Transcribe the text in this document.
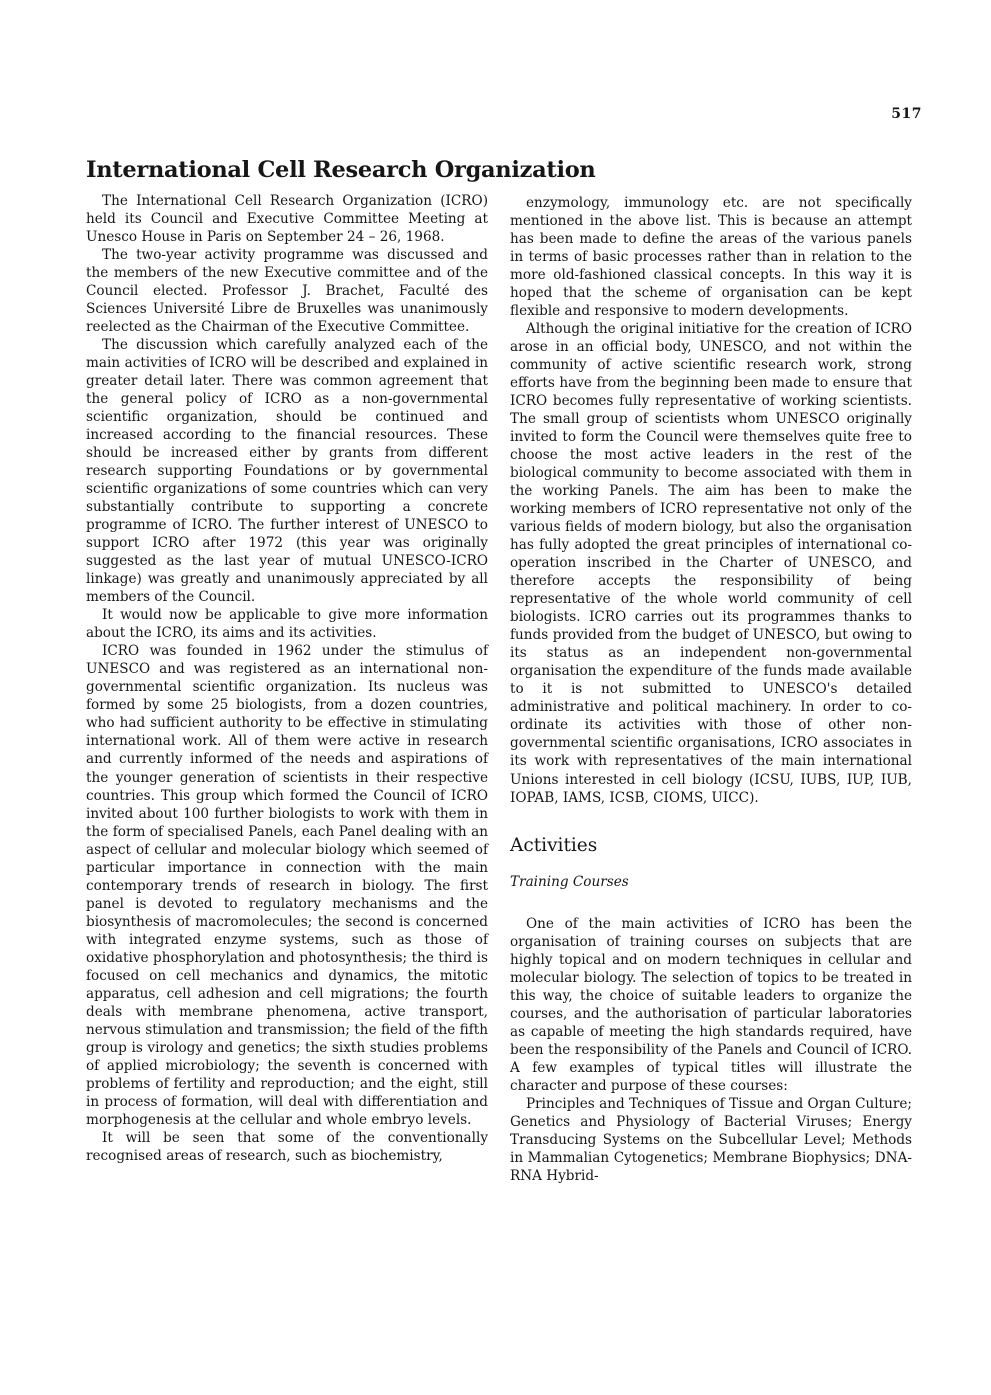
517
International Cell Research Organization

The International Cell Research Organization (ICRO) held its Council and Executive Committee Meeting at Unesco House in Paris on September 24 – 26, 1968.

The two-year activity programme was discussed and the members of the new Executive committee and of the Council elected. Professor J. Brachet, Faculté des Sciences Université Libre de Bruxelles was unanimously reelected as the Chairman of the Executive Committee.

The discussion which carefully analyzed each of the main activities of ICRO will be described and explained in greater detail later. There was common agreement that the general policy of ICRO as a non-governmental scientific organization, should be continued and increased according to the financial resources. These should be increased either by grants from different research supporting Foundations or by governmental scientific organizations of some countries which can very substantially contribute to supporting a concrete programme of ICRO. The further interest of UNESCO to support ICRO after 1972 (this year was originally suggested as the last year of mutual UNESCO-ICRO linkage) was greatly and unanimously appreciated by all members of the Council.

It would now be applicable to give more information about the ICRO, its aims and its activities.

ICRO was founded in 1962 under the stimulus of UNESCO and was registered as an international non-governmental scientific organization. Its nucleus was formed by some 25 biologists, from a dozen countries, who had sufficient authority to be effective in stimulating international work. All of them were active in research and currently informed of the needs and aspirations of the younger generation of scientists in their respective countries. This group which formed the Council of ICRO invited about 100 further biologists to work with them in the form of specialised Panels, each Panel dealing with an aspect of cellular and molecular biology which seemed of particular importance in connection with the main contemporary trends of research in biology. The first panel is devoted to regulatory mechanisms and the biosynthesis of macromolecules; the second is concerned with integrated enzyme systems, such as those of oxidative phosphorylation and photosynthesis; the third is focused on cell mechanics and dynamics, the mitotic apparatus, cell adhesion and cell migrations; the fourth deals with membrane phenomena, active transport, nervous stimulation and transmission; the field of the fifth group is virology and genetics; the sixth studies problems of applied microbiology; the seventh is concerned with problems of fertility and reproduction; and the eight, still in process of formation, will deal with differentiation and morphogenesis at the cellular and whole embryo levels.

It will be seen that some of the conventionally recognised areas of research, such as biochemistry,

enzymology, immunology etc. are not specifically mentioned in the above list. This is because an attempt has been made to define the areas of the various panels in terms of basic processes rather than in relation to the more old-fashioned classical concepts. In this way it is hoped that the scheme of organisation can be kept flexible and responsive to modern developments.

Although the original initiative for the creation of ICRO arose in an official body, UNESCO, and not within the community of active scientific research work, strong efforts have from the beginning been made to ensure that ICRO becomes fully representative of working scientists. The small group of scientists whom UNESCO originally invited to form the Council were themselves quite free to choose the most active leaders in the rest of the biological community to become associated with them in the working Panels. The aim has been to make the working members of ICRO representative not only of the various fields of modern biology, but also the organisation has fully adopted the great principles of international co-operation inscribed in the Charter of UNESCO, and therefore accepts the responsibility of being representative of the whole world community of cell biologists. ICRO carries out its programmes thanks to funds provided from the budget of UNESCO, but owing to its status as an independent non-governmental organisation the expenditure of the funds made available to it is not submitted to UNESCO's detailed administrative and political machinery. In order to co-ordinate its activities with those of other non-governmental scientific organisations, ICRO associates in its work with representatives of the main international Unions interested in cell biology (ICSU, IUBS, IUP, IUB, IOPAB, IAMS, ICSB, CIOMS, UICC).

Activities
Training Courses

One of the main activities of ICRO has been the organisation of training courses on subjects that are highly topical and on modern techniques in cellular and molecular biology. The selection of topics to be treated in this way, the choice of suitable leaders to organize the courses, and the authorisation of particular laboratories as capable of meeting the high standards required, have been the responsibility of the Panels and Council of ICRO. A few examples of typical titles will illustrate the character and purpose of these courses:

Principles and Techniques of Tissue and Organ Culture; Genetics and Physiology of Bacterial Viruses; Energy Transducing Systems on the Subcellular Level; Methods in Mammalian Cytogenetics; Membrane Biophysics; DNA-RNA Hybrid-
